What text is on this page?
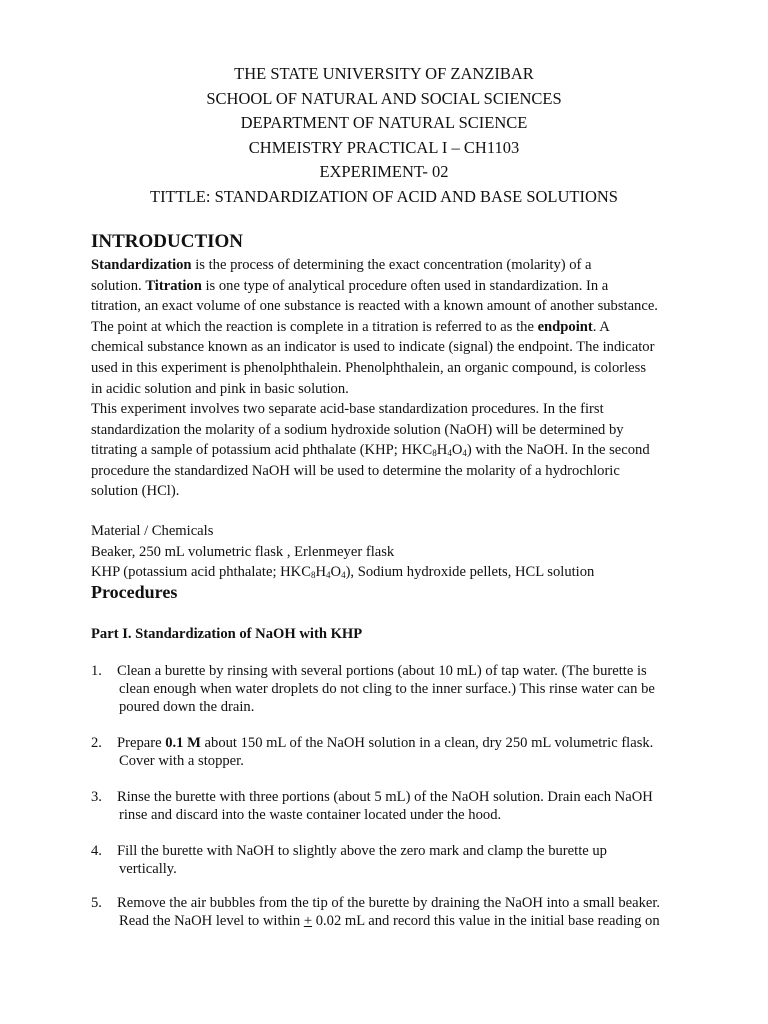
THE STATE UNIVERSITY OF ZANZIBAR
SCHOOL OF NATURAL AND SOCIAL SCIENCES
DEPARTMENT OF NATURAL SCIENCE
CHMEISTRY PRACTICAL I – CH1103
EXPERIMENT- 02
TITTLE: STANDARDIZATION OF ACID AND BASE SOLUTIONS
INTRODUCTION
Standardization is the process of determining the exact concentration (molarity) of a
solution. Titration is one type of analytical procedure often used in standardization. In a
titration, an exact volume of one substance is reacted with a known amount of another substance.
The point at which the reaction is complete in a titration is referred to as the endpoint. A
chemical substance known as an indicator is used to indicate (signal) the endpoint. The indicator
used in this experiment is phenolphthalein. Phenolphthalein, an organic compound, is colorless
in acidic solution and pink in basic solution.
This experiment involves two separate acid-base standardization procedures. In the first
standardization the molarity of a sodium hydroxide solution (NaOH) will be determined by
titrating a sample of potassium acid phthalate (KHP; $HKC_8H_4O_4$) with the NaOH. In the second
procedure the standardized NaOH will be used to determine the molarity of a hydrochloric
solution (HCl).
Material / Chemicals
Beaker, 250 mL volumetric flask , Erlenmeyer flask
KHP (potassium acid phthalate; $HKC_8H_4O_4$), Sodium hydroxide pellets, HCL solution
Procedures
Part I. Standardization of NaOH with KHP
1. Clean a burette by rinsing with several portions (about 10 mL) of tap water. (The burette is
clean enough when water droplets do not cling to the inner surface.) This rinse water can be
poured down the drain.
2. Prepare 0.1 M about 150 mL of the NaOH solution in a clean, dry 250 mL volumetric flask.
Cover with a stopper.
3. Rinse the burette with three portions (about 5 mL) of the NaOH solution. Drain each NaOH
rinse and discard into the waste container located under the hood.
4. Fill the burette with NaOH to slightly above the zero mark and clamp the burette up
vertically.
5. Remove the air bubbles from the tip of the burette by draining the NaOH into a small beaker.
Read the NaOH level to within + 0.02 mL and record this value in the initial base reading on
